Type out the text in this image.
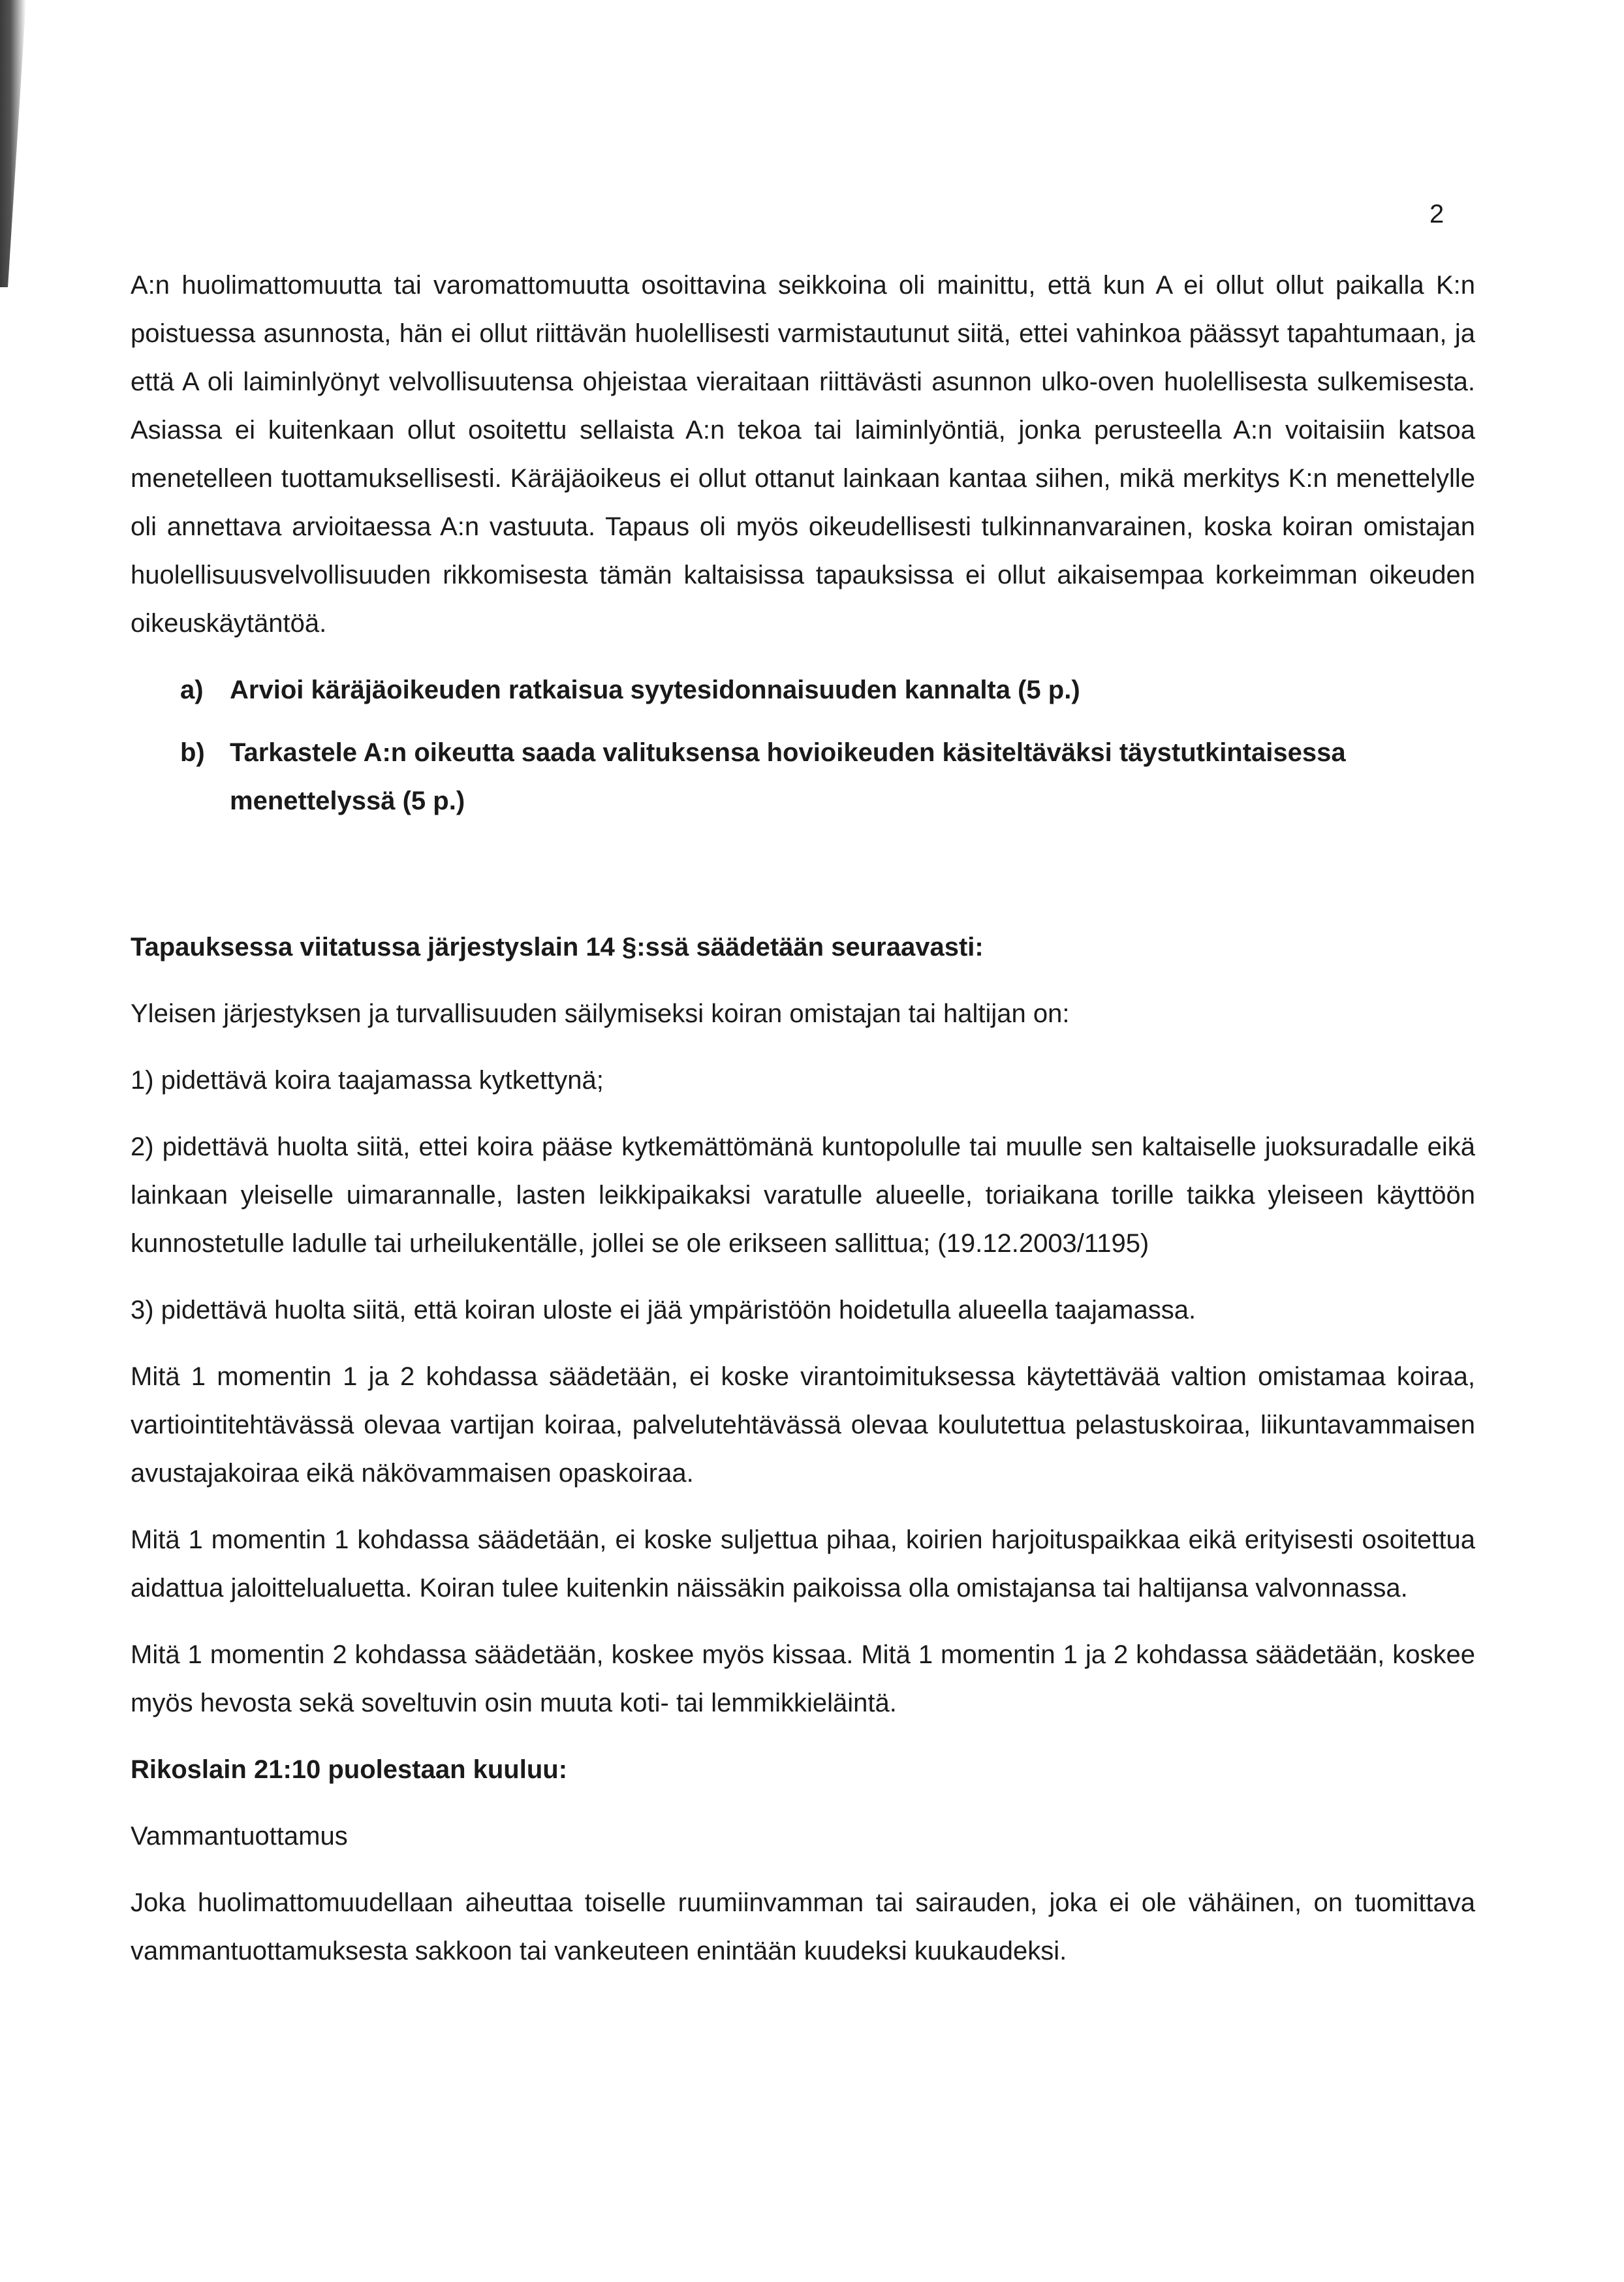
2

A:n huolimattomuutta tai varomattomuutta osoittavina seikkoina oli mainittu, että kun A ei ollut ollut paikalla K:n poistuessa asunnosta, hän ei ollut riittävän huolellisesti varmistautunut siitä, ettei vahinkoa päässyt tapahtumaan, ja että A oli laiminlyönyt velvollisuutensa ohjeistaa vieraitaan riittävästi asunnon ulko-oven huolellisesta sulkemisesta. Asiassa ei kuitenkaan ollut osoitettu sellaista A:n tekoa tai laiminlyöntiä, jonka perusteella A:n voitaisiin katsoa menetelleen tuottamuksellisesti. Käräjäoikeus ei ollut ottanut lainkaan kantaa siihen, mikä merkitys K:n menettelylle oli annettava arvioitaessa A:n vastuuta. Tapaus oli myös oikeudellisesti tulkinnanvarainen, koska koiran omistajan huolellisuusvelvollisuuden rikkomisesta tämän kaltaisissa tapauksissa ei ollut aikaisempaa korkeimman oikeuden oikeuskäytäntöä.

a)	Arvioi käräjäoikeuden ratkaisua syytesidonnaisuuden kannalta (5 p.)
b) Tarkastele A:n oikeutta saada valituksensa hovioikeuden käsiteltäväksi täystutkintaisessa menettelyssä (5 p.)

Tapauksessa viitatussa järjestyslain 14 §:ssä säädetään seuraavasti:

Yleisen järjestyksen ja turvallisuuden säilymiseksi koiran omistajan tai haltijan on:

1) pidettävä koira taajamassa kytkettynä;

2) pidettävä huolta siitä, ettei koira pääse kytkemättömänä kuntopolulle tai muulle sen kaltaiselle juoksuradalle eikä lainkaan yleiselle uimarannalle, lasten leikkipaikaksi varatulle alueelle, toriaikana torille taikka yleiseen käyttöön kunnostetulle ladulle tai urheilukentälle, jollei se ole erikseen sallittua; (19.12.2003/1195)

3) pidettävä huolta siitä, että koiran uloste ei jää ympäristöön hoidetulla alueella taajamassa.

Mitä 1 momentin 1 ja 2 kohdassa säädetään, ei koske virantoimituksessa käytettävää valtion omistamaa koiraa, vartiointitehtävässä olevaa vartijan koiraa, palvelutehtävässä olevaa koulutettua pelastuskoiraa, liikuntavammaisen avustajakoiraa eikä näkövammaisen opaskoiraa.

Mitä 1 momentin 1 kohdassa säädetään, ei koske suljettua pihaa, koirien harjoituspaikkaa eikä erityisesti osoitettua aidattua jaloittelualuetta. Koiran tulee kuitenkin näissäkin paikoissa olla omistajansa tai haltijansa valvonnassa.

Mitä 1 momentin 2 kohdassa säädetään, koskee myös kissaa. Mitä 1 momentin 1 ja 2 kohdassa säädetään, koskee myös hevosta sekä soveltuvin osin muuta koti- tai lemmikkieläintä.

Rikoslain 21:10 puolestaan kuuluu:

Vammantuottamus

Joka huolimattomuudellaan aiheuttaa toiselle ruumiinvamman tai sairauden, joka ei ole vähäinen, on tuomittava vammantuottamuksesta sakkoon tai vankeuteen enintään kuudeksi kuukaudeksi.
